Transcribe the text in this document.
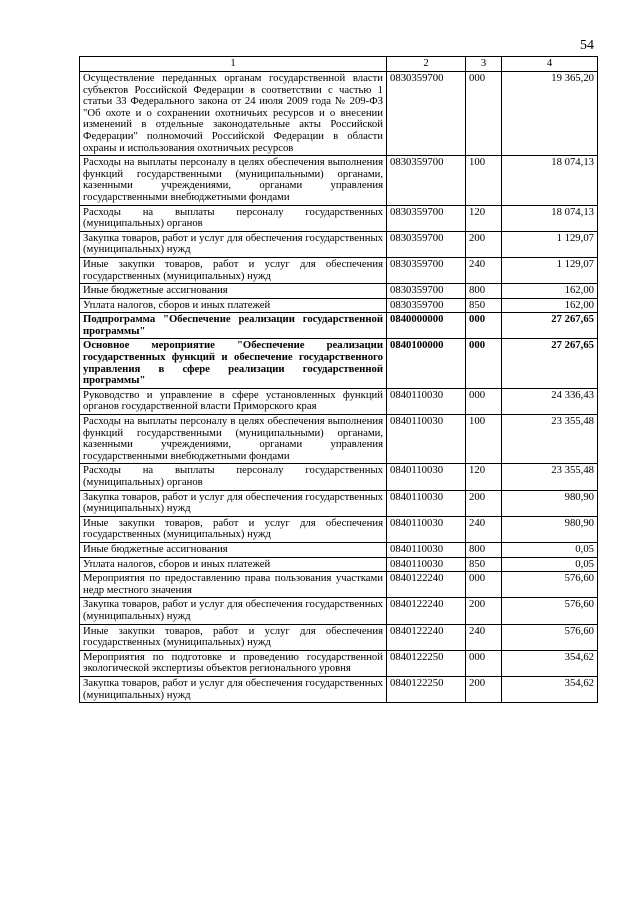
54
1	2	3	4
Осуществление переданных органам государственной власти субъектов Российской Федерации в соответствии с частью 1 статьи 33 Федерального закона от 24 июля 2009 года № 209-ФЗ "Об охоте и о сохранении охотничьих ресурсов и о внесении изменений в отдельные законодательные акты Российской Федерации" полномочий Российской Федерации в области охраны и использования охотничьих ресурсов	0830359700	000	19 365,20
Расходы на выплаты персоналу в целях обеспечения выполнения функций государственными (муниципальными) органами, казенными учреждениями, органами управления государственными внебюджетными фондами	0830359700	100	18 074,13
Расходы на выплаты персоналу государственных (муниципальных) органов	0830359700	120	18 074,13
Закупка товаров, работ и услуг для обеспечения государственных (муниципальных) нужд	0830359700	200	1 129,07
Иные закупки товаров, работ и услуг для обеспечения государственных (муниципальных) нужд	0830359700	240	1 129,07
Иные бюджетные ассигнования	0830359700	800	162,00
Уплата налогов, сборов и иных платежей	0830359700	850	162,00
Подпрограмма "Обеспечение реализации государственной программы"	0840000000	000	27 267,65
Основное мероприятие "Обеспечение реализации государственных функций и обеспечение государственного управления в сфере реализации государственной программы"	0840100000	000	27 267,65
Руководство и управление в сфере установленных функций органов государственной власти Приморского края	0840110030	000	24 336,43
Расходы на выплаты персоналу в целях обеспечения выполнения функций государственными (муниципальными) органами, казенными учреждениями, органами управления государственными внебюджетными фондами	0840110030	100	23 355,48
Расходы на выплаты персоналу государственных (муниципальных) органов	0840110030	120	23 355,48
Закупка товаров, работ и услуг для обеспечения государственных (муниципальных) нужд	0840110030	200	980,90
Иные закупки товаров, работ и услуг для обеспечения государственных (муниципальных) нужд	0840110030	240	980,90
Иные бюджетные ассигнования	0840110030	800	0,05
Уплата налогов, сборов и иных платежей	0840110030	850	0,05
Мероприятия по предоставлению права пользования участками недр местного значения	0840122240	000	576,60
Закупка товаров, работ и услуг для обеспечения государственных (муниципальных) нужд	0840122240	200	576,60
Иные закупки товаров, работ и услуг для обеспечения государственных (муниципальных) нужд	0840122240	240	576,60
Мероприятия по подготовке и проведению государственной экологической экспертизы объектов регионального уровня	0840122250	000	354,62
Закупка товаров, работ и услуг для обеспечения государственных (муниципальных) нужд	0840122250	200	354,62
